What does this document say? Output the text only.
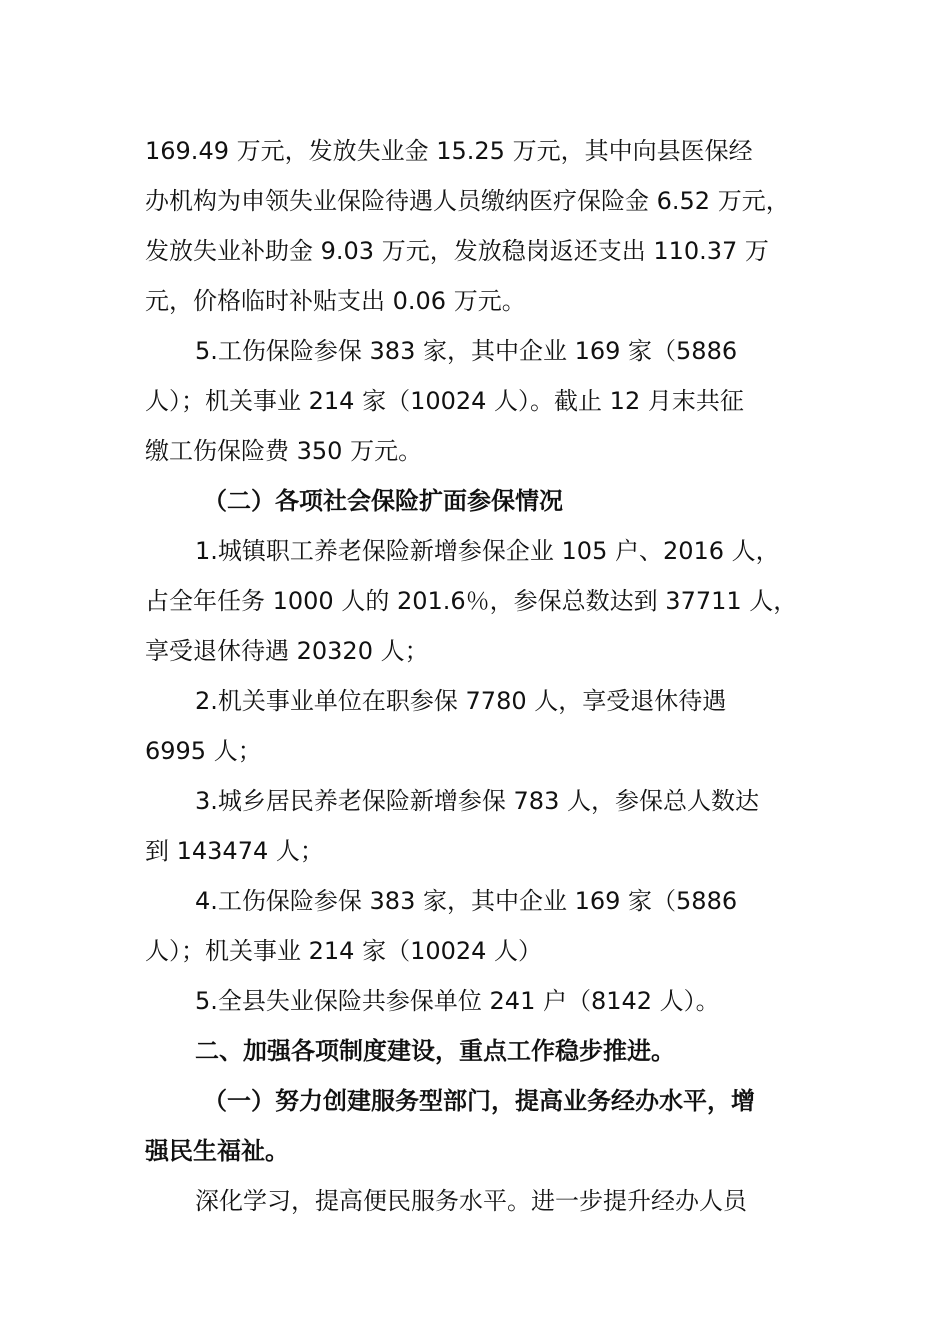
169.49 万元，发放失业金 15.25 万元，其中向县医保经
办机构为申领失业保险待遇人员缴纳医疗保险金 6.52 万元，
发放失业补助金 9.03 万元，发放稳岗返还支出 110.37 万
元，价格临时补贴支出 0.06 万元。
5.工伤保险参保 383 家，其中企业 169 家（5886
人）；机关事业 214 家（10024 人）。截止 12 月末共征
缴工伤保险费 350 万元。
（二）各项社会保险扩面参保情况
1.城镇职工养老保险新增参保企业 105 户、2016 人，
占全年任务 1000 人的 201.6％，参保总数达到 37711 人，
享受退休待遇 20320 人；
2.机关事业单位在职参保 7780 人，享受退休待遇
6995 人；
3.城乡居民养老保险新增参保 783 人，参保总人数达
到 143474 人；
4.工伤保险参保 383 家，其中企业 169 家（5886
人）；机关事业 214 家（10024 人）
5.全县失业保险共参保单位 241 户（8142 人）。
二、加强各项制度建设，重点工作稳步推进。
（一）努力创建服务型部门，提高业务经办水平，增
强民生福祉。
深化学习，提高便民服务水平。进一步提升经办人员
